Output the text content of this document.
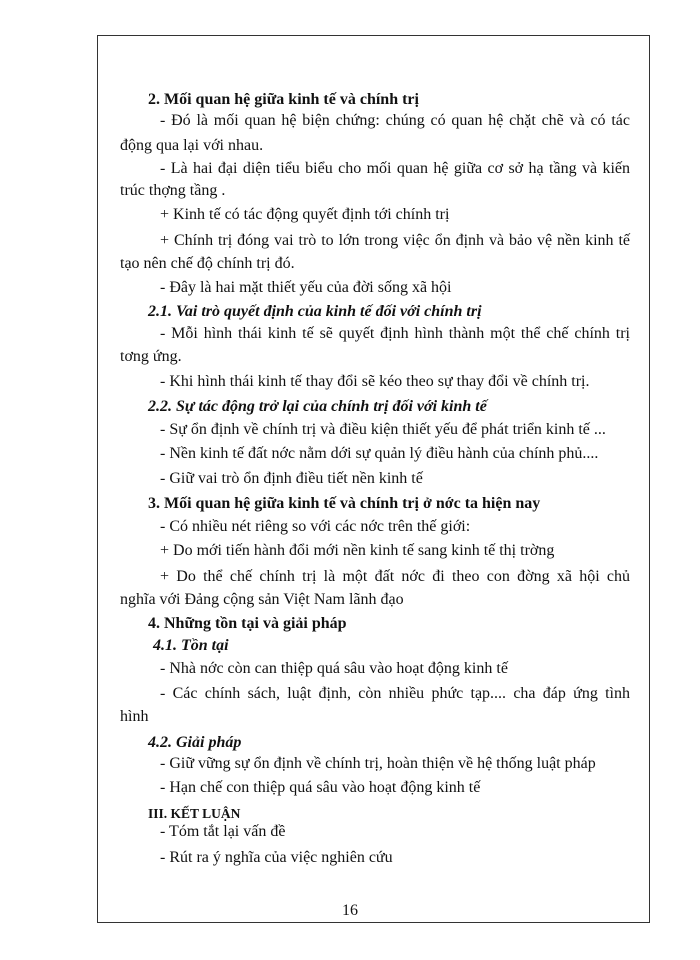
2. Mối quan hệ giữa kinh tế và chính trị
- Đó là mối quan hệ biện chứng: chúng có quan hệ chặt chẽ và có tác
động qua lại với nhau.
- Là hai đại diện tiểu biểu cho mối quan hệ giữa cơ sở hạ tầng và kiến
trúc thợng tầng .
+ Kinh tế có tác động quyết định tới chính trị
+ Chính trị đóng vai trò to lớn trong việc ổn định và bảo vệ nền kinh tế
tạo nên chế độ chính trị đó.
- Đây là hai mặt thiết yếu của đời sống xã hội
2.1. Vai trò quyết định của kinh tế đối với chính trị
- Mỗi hình thái kinh tế sẽ quyết định hình thành một thể chế chính trị
tơng ứng.
- Khi hình thái kinh tế thay đổi sẽ kéo theo sự thay đổi về chính trị.
2.2. Sự tác động trở lại của chính trị đối với kinh tế
- Sự ổn định về chính trị và điều kiện thiết yếu để phát triển kinh tế ...
- Nền kinh tế đất nớc nằm dới sự quản lý điều hành của chính phủ....
- Giữ vai trò ổn định điều tiết nền kinh tế
3. Mối quan hệ giữa kinh tế và chính trị ở nớc ta hiện nay
- Có nhiều nét riêng so với các nớc trên thế giới:
+ Do mới tiến hành đổi mới nền kinh tế sang kinh tế thị trờng
+ Do thể chế chính trị là một đất nớc đi theo con đờng xã hội chủ
nghĩa với Đảng cộng sản Việt Nam lãnh đạo
4. Những tồn tại và giải pháp
4.1. Tồn tại
- Nhà nớc còn can thiệp quá sâu vào hoạt động kinh tế
- Các chính sách, luật định, còn nhiều phức tạp.... cha đáp ứng tình
hình
4.2. Giải pháp
- Giữ vững sự ổn định về chính trị, hoàn thiện về hệ thống luật pháp
- Hạn chế con thiệp quá sâu vào hoạt động kinh tế
III. KẾT LUẬN
- Tóm tắt lại vấn đề
- Rút ra ý nghĩa của việc nghiên cứu
16
